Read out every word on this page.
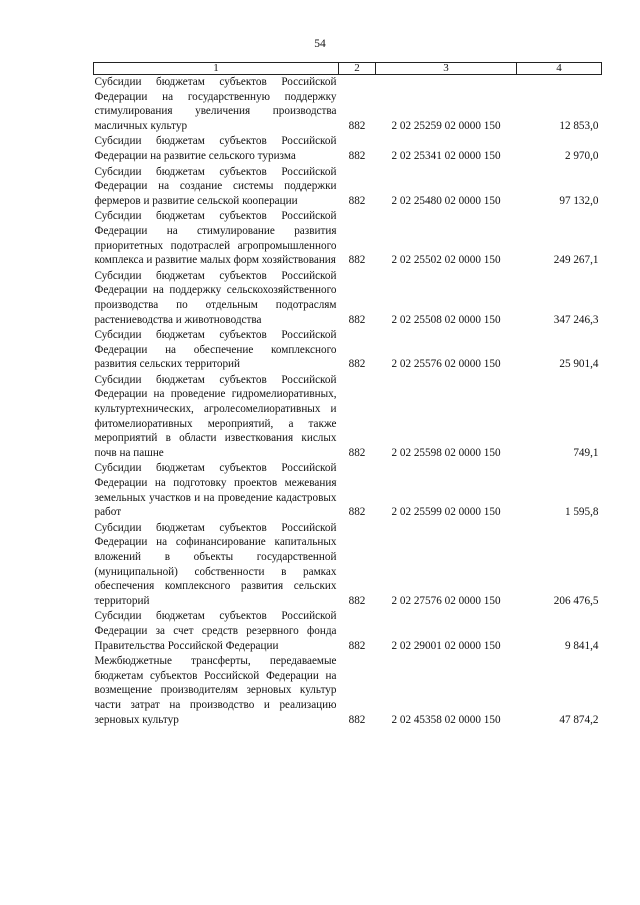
54
1	2	3	4
Субсидии бюджетам субъектов Российской Федерации на государственную поддержку стимулирования увеличения производства масличных культур	882	2 02 25259 02 0000 150	12 853,0
Субсидии бюджетам субъектов Российской Федерации на развитие сельского туризма	882	2 02 25341 02 0000 150	2 970,0
Субсидии бюджетам субъектов Российской Федерации на создание системы поддержки фермеров и развитие сельской кооперации	882	2 02 25480 02 0000 150	97 132,0
Субсидии бюджетам субъектов Российской Федерации на стимулирование развития приоритетных подотраслей агропромышленного комплекса и развитие малых форм хозяйствования	882	2 02 25502 02 0000 150	249 267,1
Субсидии бюджетам субъектов Российской Федерации на поддержку сельскохозяйственного производства по отдельным подотраслям растениеводства и животноводства	882	2 02 25508 02 0000 150	347 246,3
Субсидии бюджетам субъектов Российской Федерации на обеспечение комплексного развития сельских территорий	882	2 02 25576 02 0000 150	25 901,4
Субсидии бюджетам субъектов Российской Федерации на проведение гидромелиоративных, культуртехнических, агролесомелиоративных и фитомелиоративных мероприятий, а также мероприятий в области известкования кислых почв на пашне	882	2 02 25598 02 0000 150	749,1
Субсидии бюджетам субъектов Российской Федерации на подготовку проектов межевания земельных участков и на проведение кадастровых работ	882	2 02 25599 02 0000 150	1 595,8
Субсидии бюджетам субъектов Российской Федерации на софинансирование капитальных вложений в объекты государственной (муниципальной) собственности в рамках обеспечения комплексного развития сельских территорий	882	2 02 27576 02 0000 150	206 476,5
Субсидии бюджетам субъектов Российской Федерации за счет средств резервного фонда Правительства Российской Федерации	882	2 02 29001 02 0000 150	9 841,4
Межбюджетные трансферты, передаваемые бюджетам субъектов Российской Федерации на возмещение производителям зерновых культур части затрат на производство и реализацию зерновых культур	882	2 02 45358 02 0000 150	47 874,2
